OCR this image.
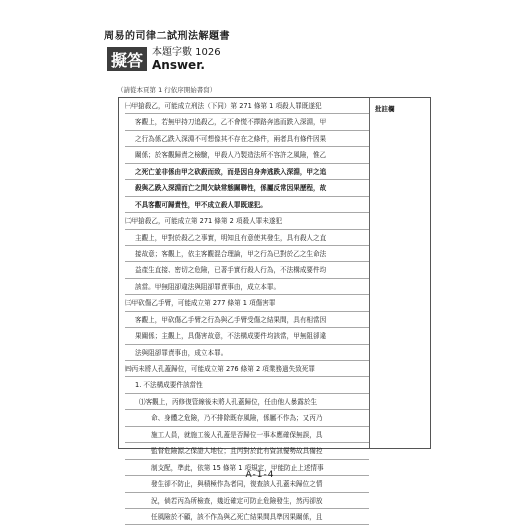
周易的司律二試刑法解題書
擬答 本題字數 1026
Answer.
（請從本頁第 1 行依序開始書寫）
批註欄
㈠甲搶殺乙，可能成立刑法（下同）第 271 條第 1 項殺人罪既遂犯
客觀上，若無甲持刀追殺乙，乙不會慌不擇路奔逃而跌入深淵，甲
之行為係乙跌入深淵不可想像其不存在之條件，兩者具有條件因果
關係；於客觀歸責之檢驗，甲殺人乃製造法所不容許之風險，惟乙
之死亡並非係由甲之砍殺而致，而是因自身奔逃跌入深淵，甲之追
殺與乙跌入深淵而亡之間欠缺常態關聯性，係屬反常因果歷程，故
不具客觀可歸責性，甲不成立殺人罪既遂犯。
㈡甲搶殺乙，可能成立第 271 條第 2 項殺人罪未遂犯
主觀上，甲對於殺乙之事實，明知且有意使其發生，具有殺人之直
接故意；客觀上，依主客觀混合理論，甲之行為已對於乙之生命法
益產生直接、密切之危險，已著手實行殺人行為，不法構成要件均
該當。甲無阻卻違法與阻卻罪責事由，成立本罪。
㈢甲砍傷乙手臂，可能成立第 277 條第 1 項傷害罪
客觀上，甲砍傷乙手臂之行為與乙手臂受傷之結果間，具有相當因
果關係；主觀上，具傷害故意，不法構成要件均該當，甲無阻卻違
法與阻卻罪責事由，成立本罪。
㈣丙未將人孔蓋歸位，可能成立第 276 條第 2 項業務過失致死罪
1. 不法構成要件該當性
⑴客觀上，丙修復管線後未將人孔蓋歸位，任由他人暴露於生
命、身體之危險，乃不排除既存風險，係屬不作為；又丙乃
施工人員，就施工後人孔蓋是否歸位一事本應確保無誤，具
監督危險源之保證人地位；且丙對於此有資訊優勢故具備控
制支配，準此，依第 15 條第 1 項規定，甲能防止上述情事
發生卻不防止，與積極作為者同，復查該人孔蓋未歸位之情
況，倘若丙為所檢查，幾近確定可防止危險發生，然丙卻放
任風險於不顧，該不作為與乙死亡結果間具準因果關係，且
A-1-4
